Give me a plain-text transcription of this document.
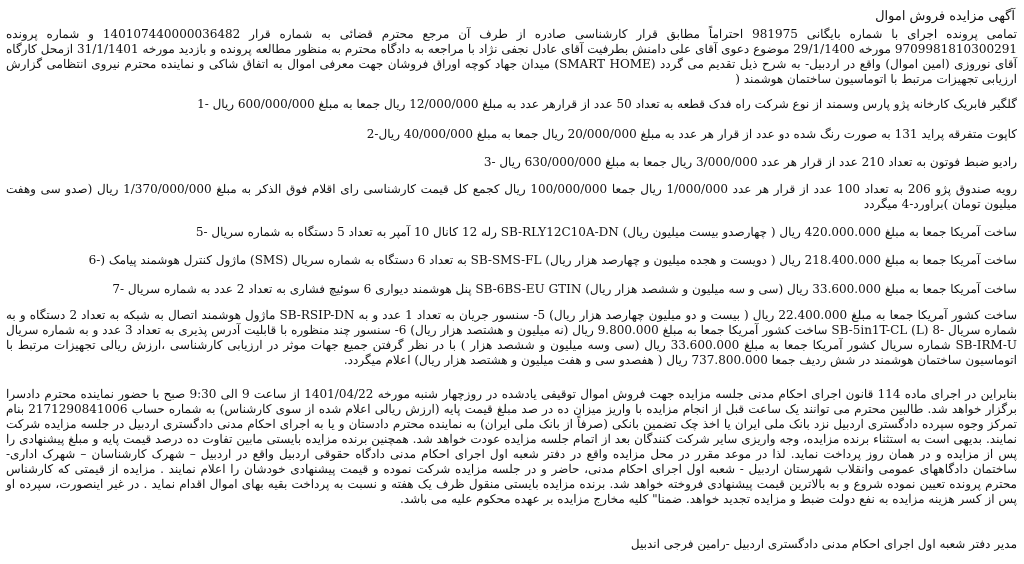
آگهی مزایده فروش اموال

تمامی پرونده اجرای با شماره بایگانی 981975 احتراماً مطابق قرار کارشناسی صادره از طرف آن مرجع محترم قضائی به شماره قرار 140107440000036482 و شماره پرونده 9709981810300291 مورخه 29/1/1400 موضوع دعوی آقای علی دامنش بطرفیت آقای عادل نجفی نژاد با مراجعه به دادگاه محترم به منظور مطالعه پرونده و بازدید مورخه 31/1/1401 ازمحل کارگاه آقای نوروزی (امین اموال) واقع در اردبیل- به شرح ذیل تقدیم می گردد (SMART HOME) میدان جهاد کوچه اوراق فروشان جهت معرفی اموال به اتفاق شاکی و نماینده محترم نیروی انتظامی گزارش ارزیابی تجهیزات مرتبط با اتوماسیون ساختمان هوشمند (

گلگیر فابریک کارخانه پژو پارس وسمند از نوع شرکت راه فدک قطعه به تعداد 50 عدد از قرارهر عدد به مبلغ 12/000/000 ریال جمعا به مبلغ 600/000/000 ریال -1

کاپوت متفرقه پراید 131 به صورت رنگ شده دو عدد از قرار هر عدد به مبلغ 20/000/000 ریال جمعا به مبلغ 40/000/000 ریال-2

رادیو ضبط فوتون به تعداد 210 عدد از قرار هر عدد 3/000/000 ریال جمعا به مبلغ 630/000/000 ریال -3

رویه صندوق پژو 206 به تعداد 100 عدد از قرار هر عدد 1/000/000 ریال جمعا 100/000/000 ریال کجمع کل قیمت کارشناسی رای اقلام فوق الذکر به مبلغ 1/370/000/000 ریال (صدو سی وهفت میلیون تومان )براورد-4 میگردد

ساخت آمریکا جمعا به مبلغ 420.000.000 ریال ( چهارصدو بیست میلیون ریال) SB-RLY12C10A-DN رله 12 کانال 10 آمپر به تعداد 5 دستگاه به شماره سریال -5

ساخت آمریکا جمعا به مبلغ 218.400.000 ریال ( دویست و هجده میلیون و چهارصد هزار ریال) SB-SMS-FL به تعداد 6 دستگاه به شماره سریال (SMS) ماژول کنترل هوشمند پیامک (-6

ساخت آمریکا جمعا به مبلغ 33.600.000 ریال (سی و سه میلیون و ششصد هزار ریال) SB-6BS-EU GTIN پنل هوشمند دیواری 6 سوئیچ فشاری به تعداد 2 عدد به شماره سریال -7

ساخت کشور آمریکا جمعا به مبلغ 22.400.000 ریال ( بیست و دو میلیون چهارصد هزار ریال) 5- سنسور جریان به تعداد 1 عدد و به SB-RSIP-DN ماژول هوشمند اتصال به شبکه به تعداد 2 دستگاه و به شماره سریال -8 (L) SB-5in1T-CL ساخت کشور آمریکا جمعا به مبلغ 9.800.000 ریال (نه میلیون و هشتصد هزار ریال) 6- سنسور چند منظوره با قابلیت آدرس پذیری به تعداد 3 عدد و به شماره سریال SB-IRM-U شماره سریال کشور آمریکا جمعا به مبلغ 33.600.000 ریال (سی وسه میلیون و ششصد هزار ) با در نظر گرفتن جمیع جهات موثر در ارزیابی کارشناسی ،ارزش ریالی تجهیزات مرتبط با اتوماسیون ساختمان هوشمند در شش ردیف جمعا 737.800.000 ریال ( هفصدو سی و هفت میلیون و هشتصد هزار ریال) اعلام میگردد.

بنابراین در اجرای ماده 114 قانون اجرای احکام مدنی جلسه مزایده جهت فروش اموال توقیفی یادشده در روزچهار شنبه مورخه 1401/04/22 از ساعت 9 الی 9:30 صبح با حضور نماینده محترم دادسرا برگزار خواهد شد. طالبین محترم می توانند یک ساعت قبل از انجام مزایده با واریز میزان ده در صد مبلغ قیمت پایه (ارزش ریالی اعلام شده از سوی کارشناس) به شماره حساب 2171290841006 بنام تمرکز وجوه سپرده دادگستری اردبیل نزد بانک ملی ایران یا اخذ چک تضمین بانکی (صرفاً از بانک ملی ایران) به نماینده محترم دادستان و یا به اجرای احکام مدنی دادگستری اردبیل در جلسه مزایده شرکت نمایند. بدیهی است به استثناء برنده مزایده، وجه واریزی سایر شرکت کنندگان بعد از اتمام جلسه مزایده عودت خواهد شد. همچنین برنده مزایده بایستی مابین تفاوت ده درصد قیمت پایه و مبلغ پیشنهادی را پس از مزایده و در همان روز پرداخت نماید. لذا در موعد مقرر در محل مزایده واقع در دفتر شعبه اول اجرای احکام مدنی دادگاه حقوقی اردبیل واقع در اردبیل – شهرک کارشناسان – شهرک اداری- ساختمان دادگاههای عمومی وانقلاب شهرستان اردبیل - شعبه اول اجرای احکام مدنی، حاضر و در جلسه مزایده شرکت نموده و قیمت پیشنهادی خودشان را اعلام نمایند . مزایده از قیمتی که کارشناس محترم پرونده تعیین نموده شروع و به بالاترین قیمت پیشنهادی فروخته خواهد شد. برنده مزایده بایستی منقول ظرف یک هفته و نسبت به پرداخت بقیه بهای اموال اقدام نماید . در غیر اینصورت، سپرده او پس از کسر هزینه مزایده به نفع دولت ضبط و مزایده تجدید خواهد. ضمنا" کلیه مخارج مزایده بر عهده محکوم علیه می باشد.

مدیر دفتر شعبه اول اجرای احکام مدنی دادگستری اردبیل -رامین فرجی اندبیل
